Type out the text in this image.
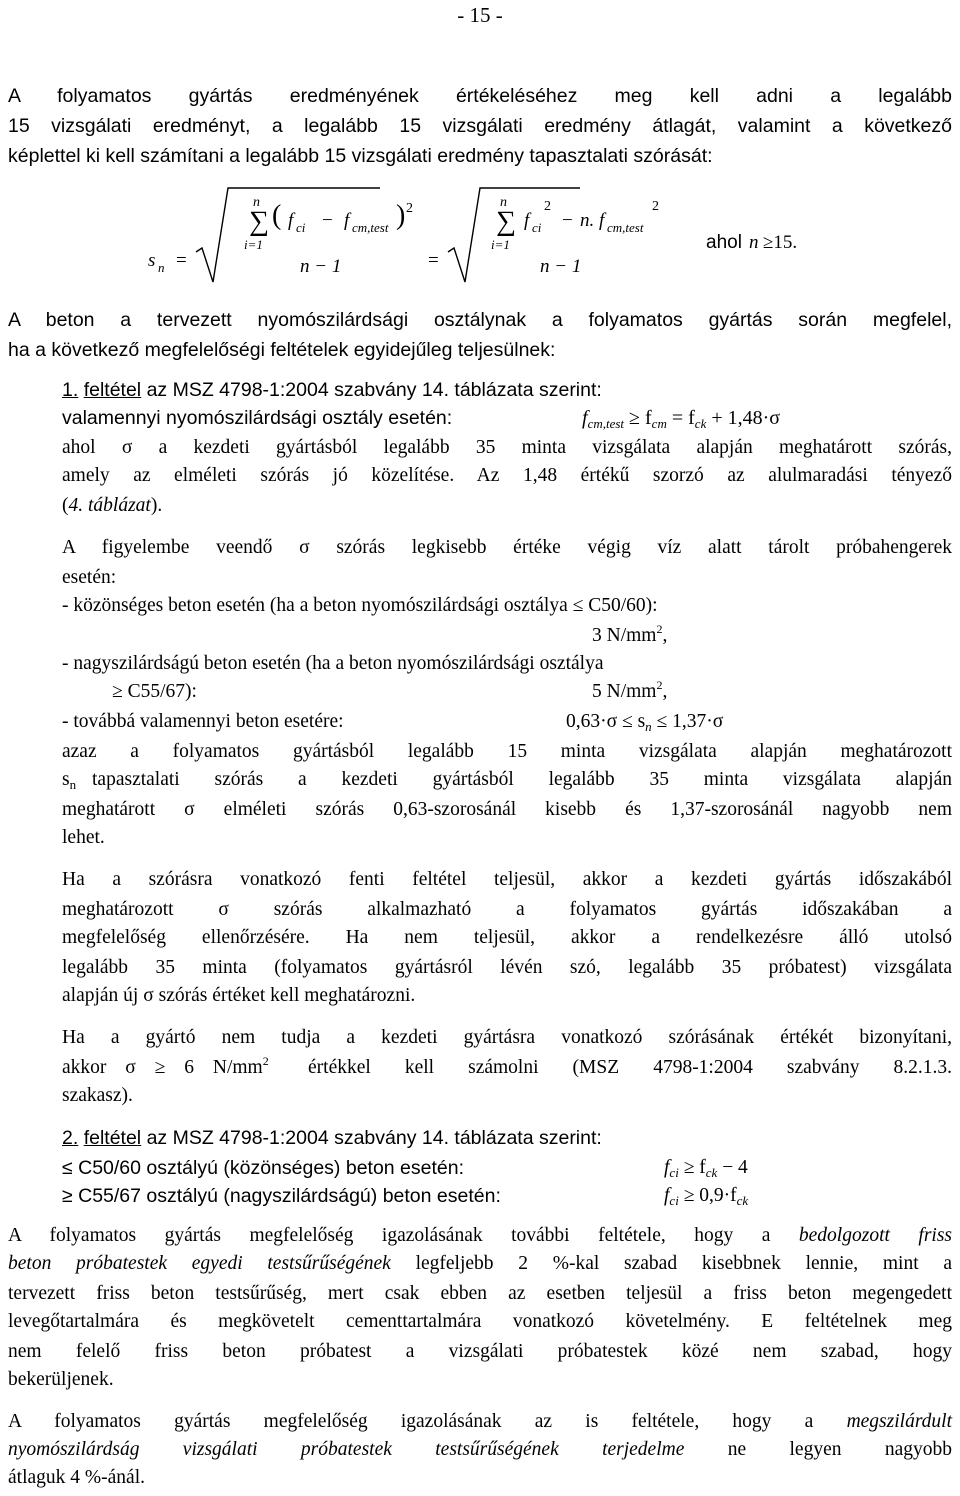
- 15 -
A folyamatos gyártás eredményének értékeléséhez meg kell adni a legalább
15 vizsgálati eredményt, a legalább 15 vizsgálati eredmény átlagát, valamint a következő
képlettel ki kell számítani a legalább 15 vizsgálati eredmény tapasztalati szórását:
s n =
n
∑
i=1
( f ci − f cm,test ) 2
n − 1	=
n
∑
i=1
f ci
2
− n. f cm,test
2
n − 1
ahol n ≥15.
A beton a tervezett nyomószilárdsági osztálynak a folyamatos gyártás során megfelel,
ha a következő megfelelőségi feltételek egyidejűleg teljesülnek:
1. feltétel az MSZ 4798-1:2004 szabvány 14. táblázata szerint:
valamennyi nyomószilárdsági osztály esetén:	$f_{cm,test} \ge f_{cm} = f_{ck} + 1,48\cdot\sigma$
ahol σ a kezdeti gyártásból legalább 35 minta vizsgálata alapján meghatárott szórás,
amely az elméleti szórás jó közelítése. Az 1,48 értékű szorzó az alulmaradási tényező
(4. táblázat).
A figyelembe veendő σ szórás legkisebb értéke végig víz alatt tárolt próbahengerek
esetén:
- közönséges beton esetén (ha a beton nyomószilárdsági osztálya ≤ C50/60):
3 $N/mm^2$,
- nagyszilárdságú beton esetén (ha a beton nyomószilárdsági osztálya
≥ C55/67):	5 $N/mm^2$,
- továbbá valamennyi beton esetére:	$0,63\cdot\sigma \le s_n \le 1,37\cdot\sigma$
azaz a folyamatos gyártásból legalább 15 minta vizsgálata alapján meghatározott
$s_n$ tapasztalati szórás a kezdeti gyártásból legalább 35 minta vizsgálata alapján
meghatárott σ elméleti szórás 0,63-szorosánál kisebb és 1,37-szorosánál nagyobb nem
lehet.
Ha a szórásra vonatkozó fenti feltétel teljesül, akkor a kezdeti gyártás időszakából
meghatározott σ szórás alkalmazható a folyamatos gyártás időszakában a
megfelelőség ellenőrzésére. Ha nem teljesül, akkor a rendelkezésre álló utolsó
legalább 35 minta (folyamatos gyártásról lévén szó, legalább 35 próbatest) vizsgálata
alapján új σ szórás értéket kell meghatározni.
Ha a gyártó nem tudja a kezdeti gyártásra vonatkozó szórásának értékét bizonyítani,
akkor σ ≥ 6 $N/mm^2$ értékkel kell számolni (MSZ 4798-1:2004 szabvány 8.2.1.3.
szakasz).
2. feltétel az MSZ 4798-1:2004 szabvány 14. táblázata szerint:
≤ C50/60 osztályú (közönséges) beton esetén:	$f_{ci} \ge f_{ck} - 4$
≥ C55/67 osztályú (nagyszilárdságú) beton esetén:	$f_{ci} \ge 0,9\cdot f_{ck}$
A folyamatos gyártás megfelelőség igazolásának további feltétele, hogy a bedolgozott friss
beton próbatestek egyedi testsűrűségének legfeljebb 2 %-kal szabad kisebbnek lennie, mint a
tervezett friss beton testsűrűség, mert csak ebben az esetben teljesül a friss beton megengedett
levegőtartalmára és megkövetelt cementtartalmára vonatkozó követelmény. E feltételnek meg
nem felelő friss beton próbatest a vizsgálati próbatestek közé nem szabad, hogy
bekerüljenek.
A folyamatos gyártás megfelelőség igazolásának az is feltétele, hogy a megszilárdult
nyomószilárdság vizsgálati próbatestek testsűrűségének terjedelme ne legyen nagyobb
átlaguk 4 %-ánál.
